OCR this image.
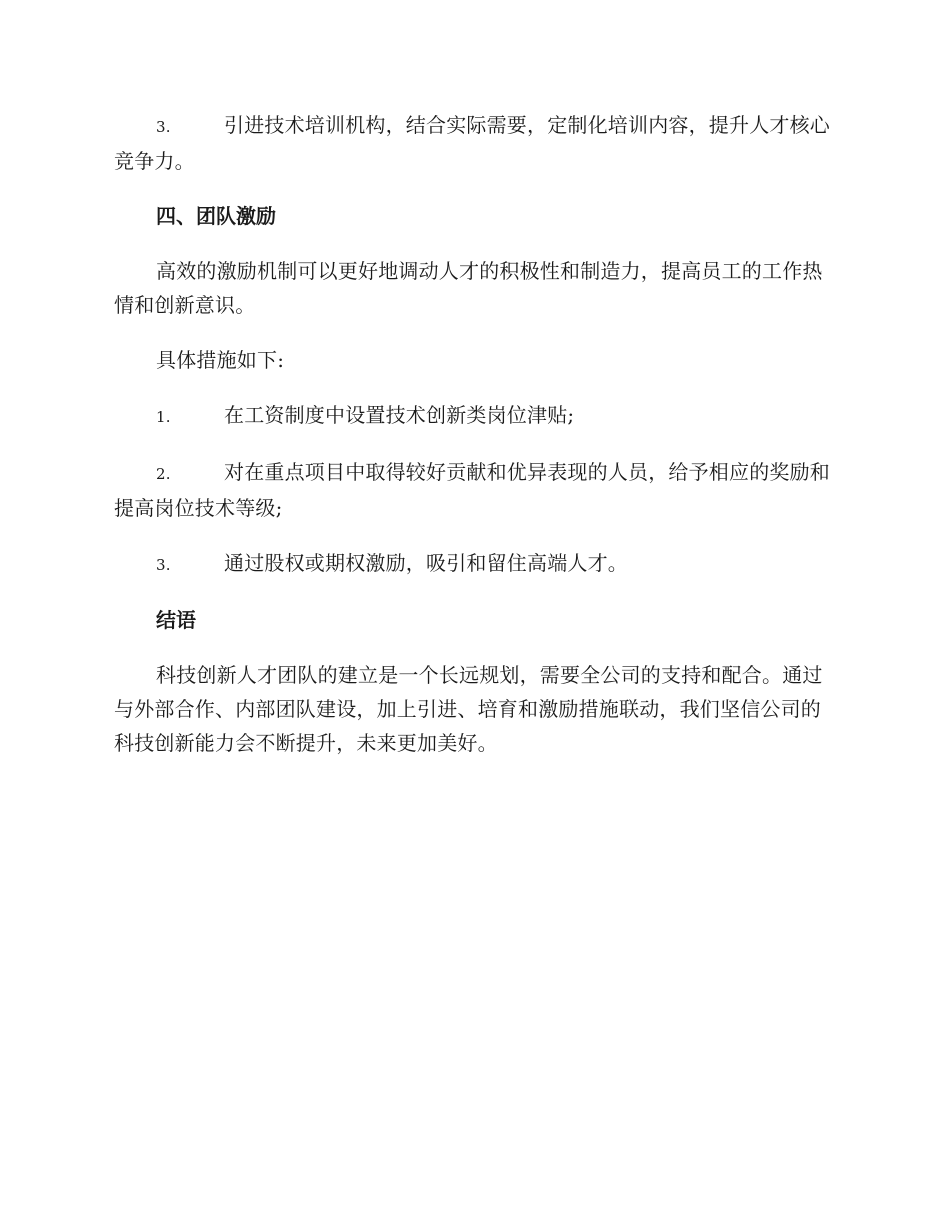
3.	引进技术培训机构，结合实际需要，定制化培训内容，提升人才核心竞争力。

四、团队激励

高效的激励机制可以更好地调动人才的积极性和制造力，提高员工的工作热情和创新意识。

具体措施如下:

1.	在工资制度中设置技术创新类岗位津贴;

2.	对在重点项目中取得较好贡献和优异表现的人员，给予相应的奖励和提高岗位技术等级;

3.	通过股权或期权激励，吸引和留住高端人才。

结语

科技创新人才团队的建立是一个长远规划，需要全公司的支持和配合。通过与外部合作、内部团队建设，加上引进、培育和激励措施联动，我们坚信公司的科技创新能力会不断提升，未来更加美好。
